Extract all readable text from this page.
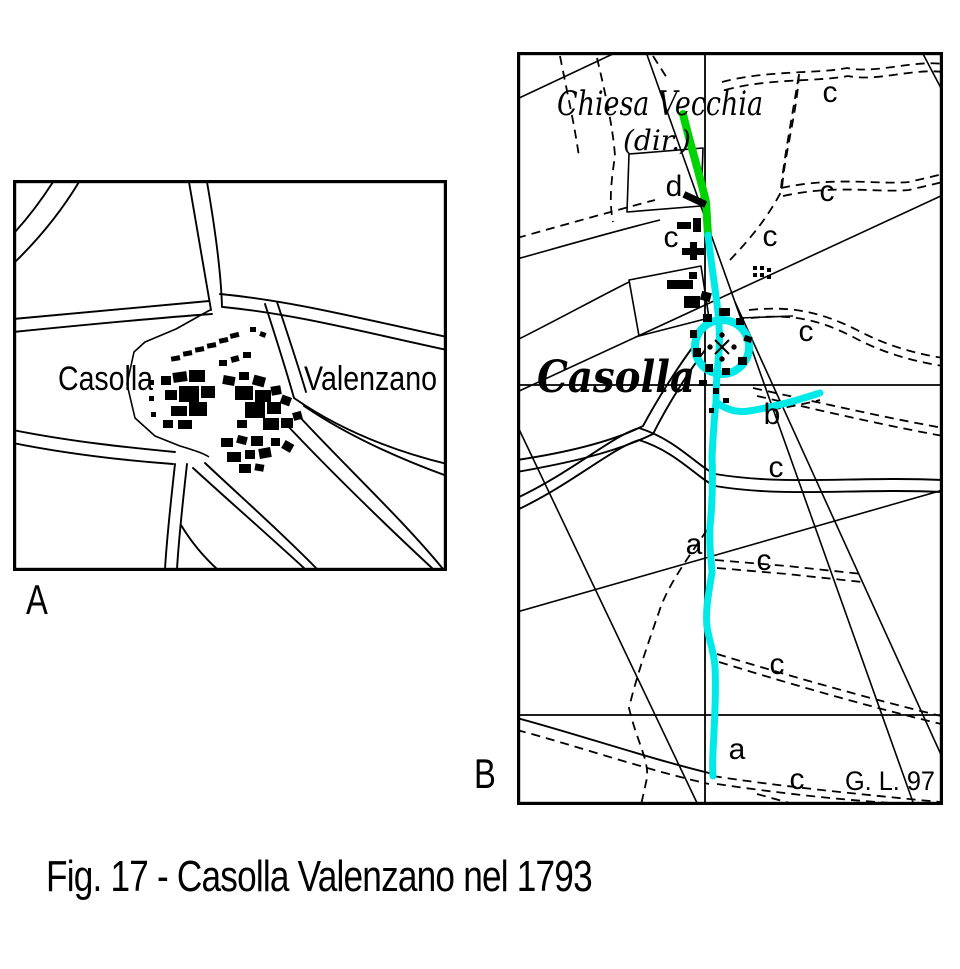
Casolla	Valenzano
A
c
d	c
c	c
c
b
c
a c
c
a
c
Chiesa Vecchia
(dir.)
Casolla
G. L. 97
B
Fig. 17 - Casolla Valenzano nel 1793
